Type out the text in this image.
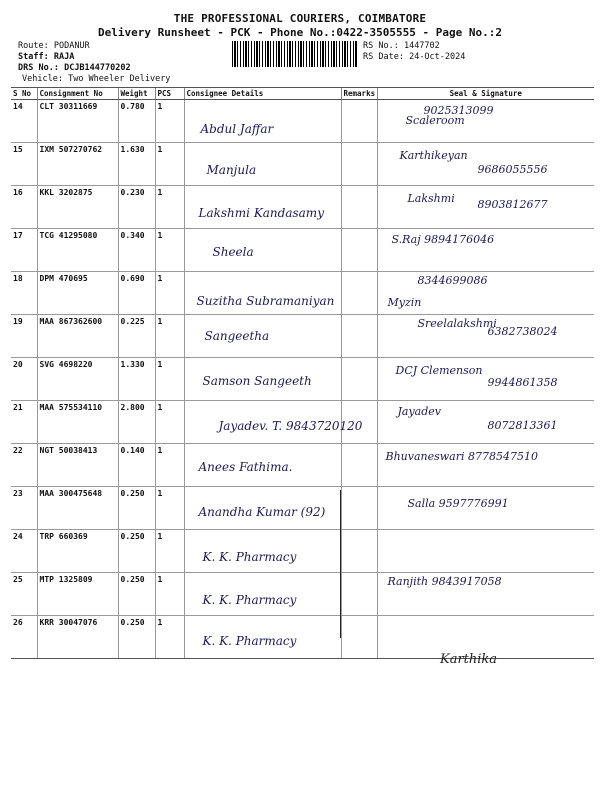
THE PROFESSIONAL COURIERS, COIMBATORE
Delivery Runsheet - PCK - Phone No.:0422-3505555 - Page No.:2
Route: PODANUR
Staff: RAJA
DRS No.: DCJB144770202
Vehicle: Two Wheeler Delivery
RS No.: 1447702
RS Date: 24-Oct-2024
S No	Consignment No	Weight	PCS	Consignee Details	Remarks	Seal & Signature
14	CLT 30311669	0.780	1	Abdul Jaffar		9025313099
Scaleroom

15	IXM 507270762	1.630	1	Manjula		Karthikeyan
9686055556

16	KKL 3202875	0.230	1	Lakshmi Kandasamy		Lakshmi 8903812677

17	TCG 41295080	0.340	1	Sheela		S.Raj 9894176046

18	DPM 470695	0.690	1	Suzitha Subramaniyan		8344699086
Myzin

19	MAA 867362600	0.225	1	Sangeetha		Sreelalakshmi
6382738024

20	SVG 4698220	1.330	1	Samson Sangeeth		DCJ Clemenson
9944861358

21	MAA 575534110	2.800	1	Jayadev. T. 9843720120		Jayadev
8072813361

22	NGT 50038413	0.140	1	Anees Fathima.		Bhuvaneswari 8778547510

23	MAA 300475648	0.250	1	Anandha Kumar (92)		Salla 9597776991

24	TRP 660369	0.250	1	K. K. Pharmacy		

25	MTP 1325809	0.250	1	K. K. Pharmacy		Ranjith 9843917058

26	KRR 30047076	0.250	1	K. K. Pharmacy		

Karthika
